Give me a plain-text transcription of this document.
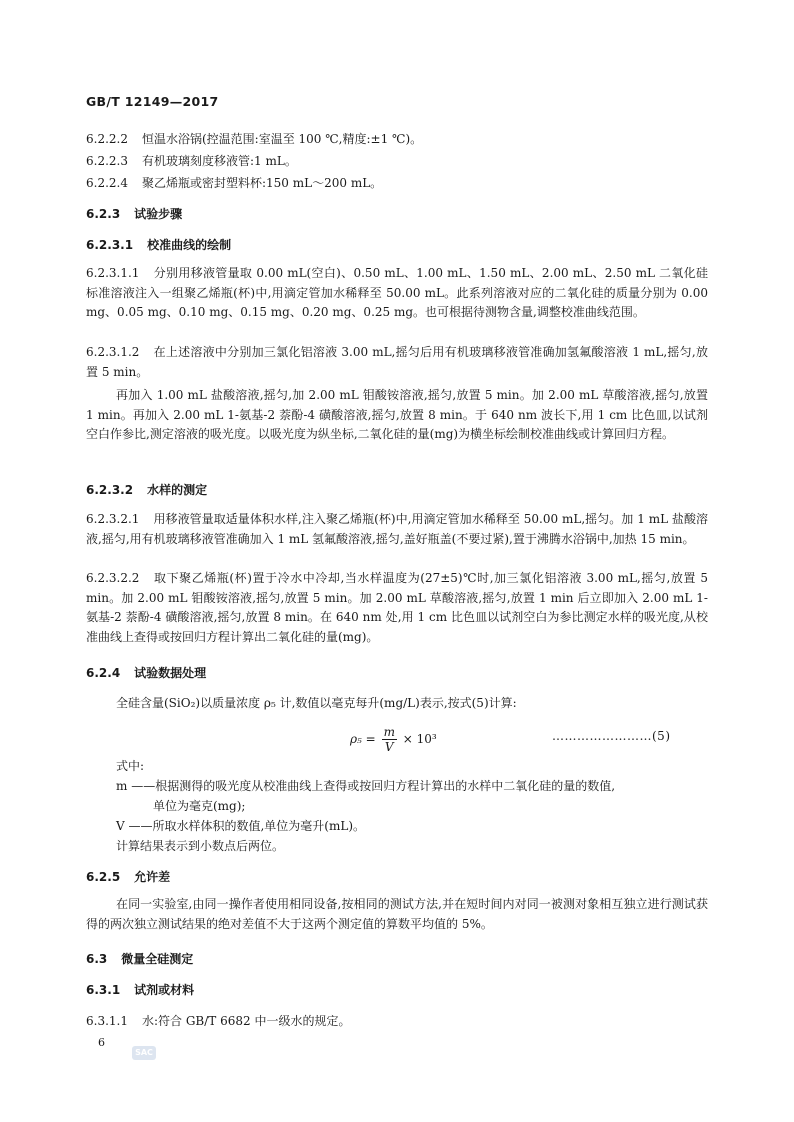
GB/T 12149—2017
6.2.2.2 恒温水浴锅(控温范围:室温至 100 ℃,精度:±1 ℃)。
6.2.2.3 有机玻璃刻度移液管:1 mL。
6.2.2.4 聚乙烯瓶或密封塑料杯:150 mL～200 mL。
6.2.3 试验步骤
6.2.3.1 校准曲线的绘制
6.2.3.1.1 分别用移液管量取 0.00 mL(空白)、0.50 mL、1.00 mL、1.50 mL、2.00 mL、2.50 mL 二氧化硅标准溶液注入一组聚乙烯瓶(杯)中,用滴定管加水稀释至 50.00 mL。此系列溶液对应的二氧化硅的质量分别为 0.00 mg、0.05 mg、0.10 mg、0.15 mg、0.20 mg、0.25 mg。也可根据待测物含量,调整校准曲线范围。
6.2.3.1.2 在上述溶液中分别加三氯化铝溶液 3.00 mL,摇匀后用有机玻璃移液管准确加氢氟酸溶液 1 mL,摇匀,放置 5 min。
再加入 1.00 mL 盐酸溶液,摇匀,加 2.00 mL 钼酸铵溶液,摇匀,放置 5 min。加 2.00 mL 草酸溶液,摇匀,放置 1 min。再加入 2.00 mL 1-氨基-2 萘酚-4 磺酸溶液,摇匀,放置 8 min。于 640 nm 波长下,用 1 cm 比色皿,以试剂空白作参比,测定溶液的吸光度。以吸光度为纵坐标,二氧化硅的量(mg)为横坐标绘制校准曲线或计算回归方程。
6.2.3.2 水样的测定
6.2.3.2.1 用移液管量取适量体积水样,注入聚乙烯瓶(杯)中,用滴定管加水稀释至 50.00 mL,摇匀。加 1 mL 盐酸溶液,摇匀,用有机玻璃移液管准确加入 1 mL 氢氟酸溶液,摇匀,盖好瓶盖(不要过紧),置于沸腾水浴锅中,加热 15 min。
6.2.3.2.2 取下聚乙烯瓶(杯)置于冷水中冷却,当水样温度为(27±5)℃时,加三氯化铝溶液 3.00 mL,摇匀,放置 5 min。加 2.00 mL 钼酸铵溶液,摇匀,放置 5 min。加 2.00 mL 草酸溶液,摇匀,放置 1 min 后立即加入 2.00 mL 1-氨基-2 萘酚-4 磺酸溶液,摇匀,放置 8 min。在 640 nm 处,用 1 cm 比色皿以试剂空白为参比测定水样的吸光度,从校准曲线上查得或按回归方程计算出二氧化硅的量(mg)。
6.2.4 试验数据处理
全硅含量(SiO₂)以质量浓度 ρ₅ 计,数值以毫克每升(mg/L)表示,按式(5)计算:
$\rho_5 = \frac{m}{V} \times 10^3$	……………………(5)
式中:
m ——根据测得的吸光度从校准曲线上查得或按回归方程计算出的水样中二氧化硅的量的数值,
单位为毫克(mg);
V ——所取水样体积的数值,单位为毫升(mL)。
计算结果表示到小数点后两位。
6.2.5 允许差
在同一实验室,由同一操作者使用相同设备,按相同的测试方法,并在短时间内对同一被测对象相互独立进行测试获得的两次独立测试结果的绝对差值不大于这两个测定值的算数平均值的 5%。
6.3 微量全硅测定
6.3.1 试剂或材料
6.3.1.1 水:符合 GB/T 6682 中一级水的规定。
6
SAC
